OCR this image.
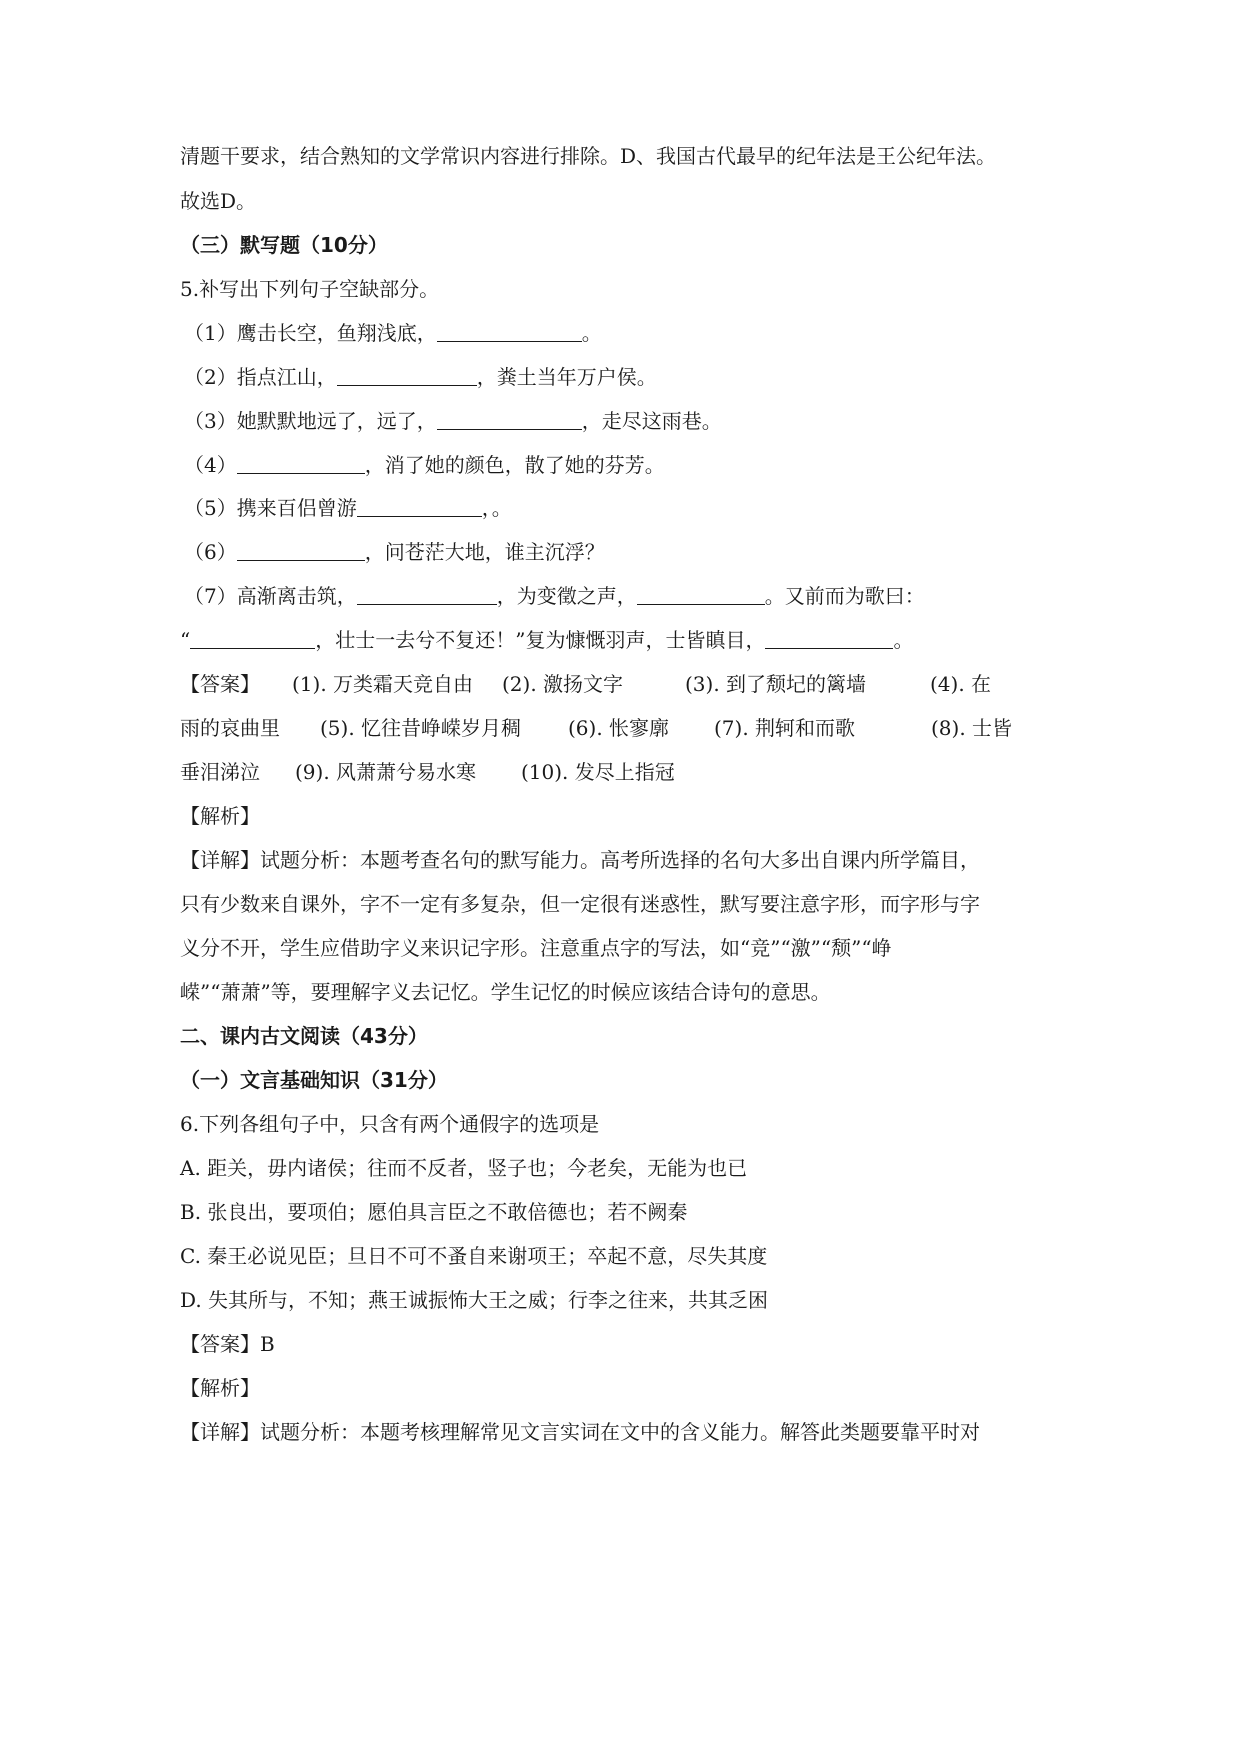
清题干要求，结合熟知的文学常识内容进行排除。D、我国古代最早的纪年法是王公纪年法。
故选D。
（三）默写题（10分）
5.补写出下列句子空缺部分。
（1）鹰击长空，鱼翔浅底，	。
（2）指点江山，	，粪土当年万户侯。
（3）她默默地远了，远了，	，走尽这雨巷。
（4）	，消了她的颜色，散了她的芬芳。
（5）携来百侣曾游	，。
（6）	，问苍茫大地，谁主沉浮？
（7）高渐离击筑，	，为变徵之声，	。又前而为歌曰：
“	，壮士一去兮不复还！”复为慷慨羽声，士皆瞋目，	。
【答案】 (1). 万类霜天竞自由 (2). 激扬文字	(3). 到了颓圮的篱墙	(4). 在
雨的哀曲里 (5). 忆往昔峥嵘岁月稠 (6). 怅寥廓 (7). 荆轲和而歌	(8). 士皆
垂泪涕泣 (9). 风萧萧兮易水寒 (10). 发尽上指冠
【解析】
【详解】试题分析：本题考查名句的默写能力。高考所选择的名句大多出自课内所学篇目，
只有少数来自课外，字不一定有多复杂，但一定很有迷惑性，默写要注意字形，而字形与字
义分不开，学生应借助字义来识记字形。注意重点字的写法，如“竞”“激”“颓”“峥
嵘”“萧萧”等，要理解字义去记忆。学生记忆的时候应该结合诗句的意思。
二、课内古文阅读（43分）
（一）文言基础知识（31分）
6.下列各组句子中，只含有两个通假字的选项是
A. 距关，毋内诸侯；往而不反者，竖子也；今老矣，无能为也已
B. 张良出，要项伯；愿伯具言臣之不敢倍德也；若不阙秦
C. 秦王必说见臣；旦日不可不蚤自来谢项王；卒起不意，尽失其度
D. 失其所与，不知；燕王诚振怖大王之威；行李之往来，共其乏困
【答案】B
【解析】
【详解】试题分析：本题考核理解常见文言实词在文中的含义能力。解答此类题要靠平时对
